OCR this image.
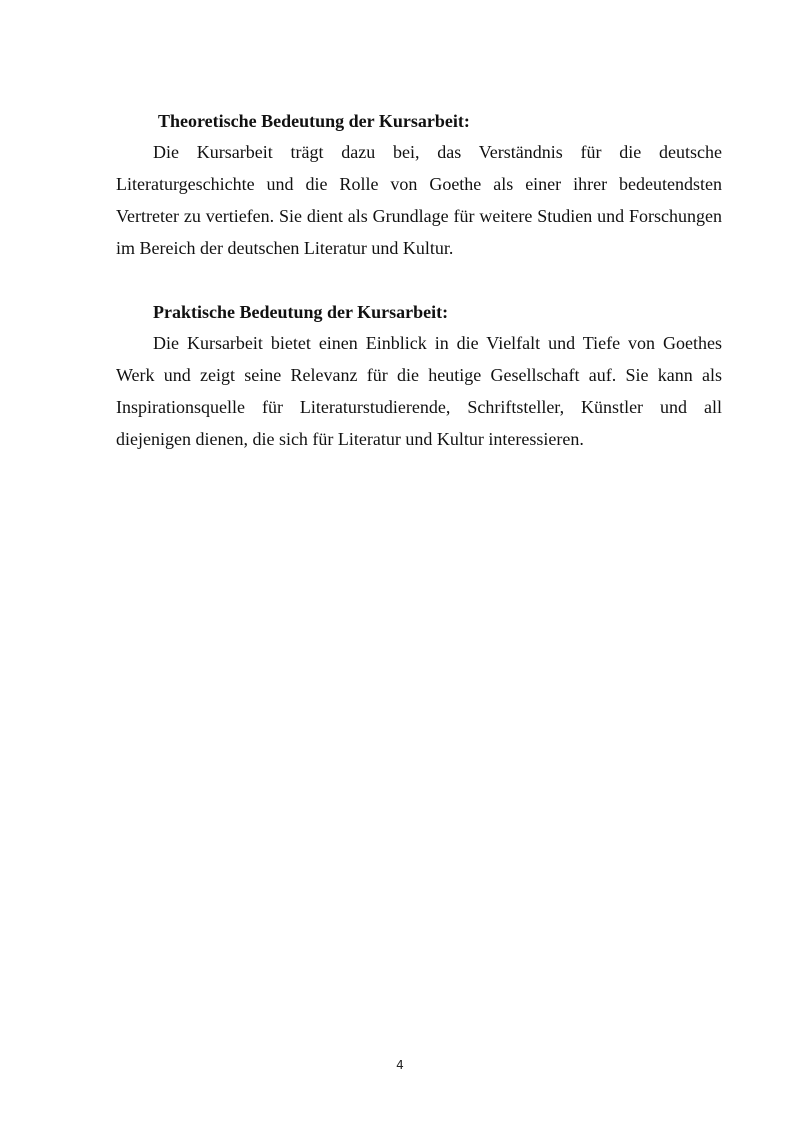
Theoretische Bedeutung der Kursarbeit:

Die Kursarbeit trägt dazu bei, das Verständnis für die deutsche Literaturgeschichte und die Rolle von Goethe als einer ihrer bedeutendsten Vertreter zu vertiefen. Sie dient als Grundlage für weitere Studien und Forschungen im Bereich der deutschen Literatur und Kultur.

Praktische Bedeutung der Kursarbeit:

Die Kursarbeit bietet einen Einblick in die Vielfalt und Tiefe von Goethes Werk und zeigt seine Relevanz für die heutige Gesellschaft auf. Sie kann als Inspirationsquelle für Literaturstudierende, Schriftsteller, Künstler und all diejenigen dienen, die sich für Literatur und Kultur interessieren.

4
